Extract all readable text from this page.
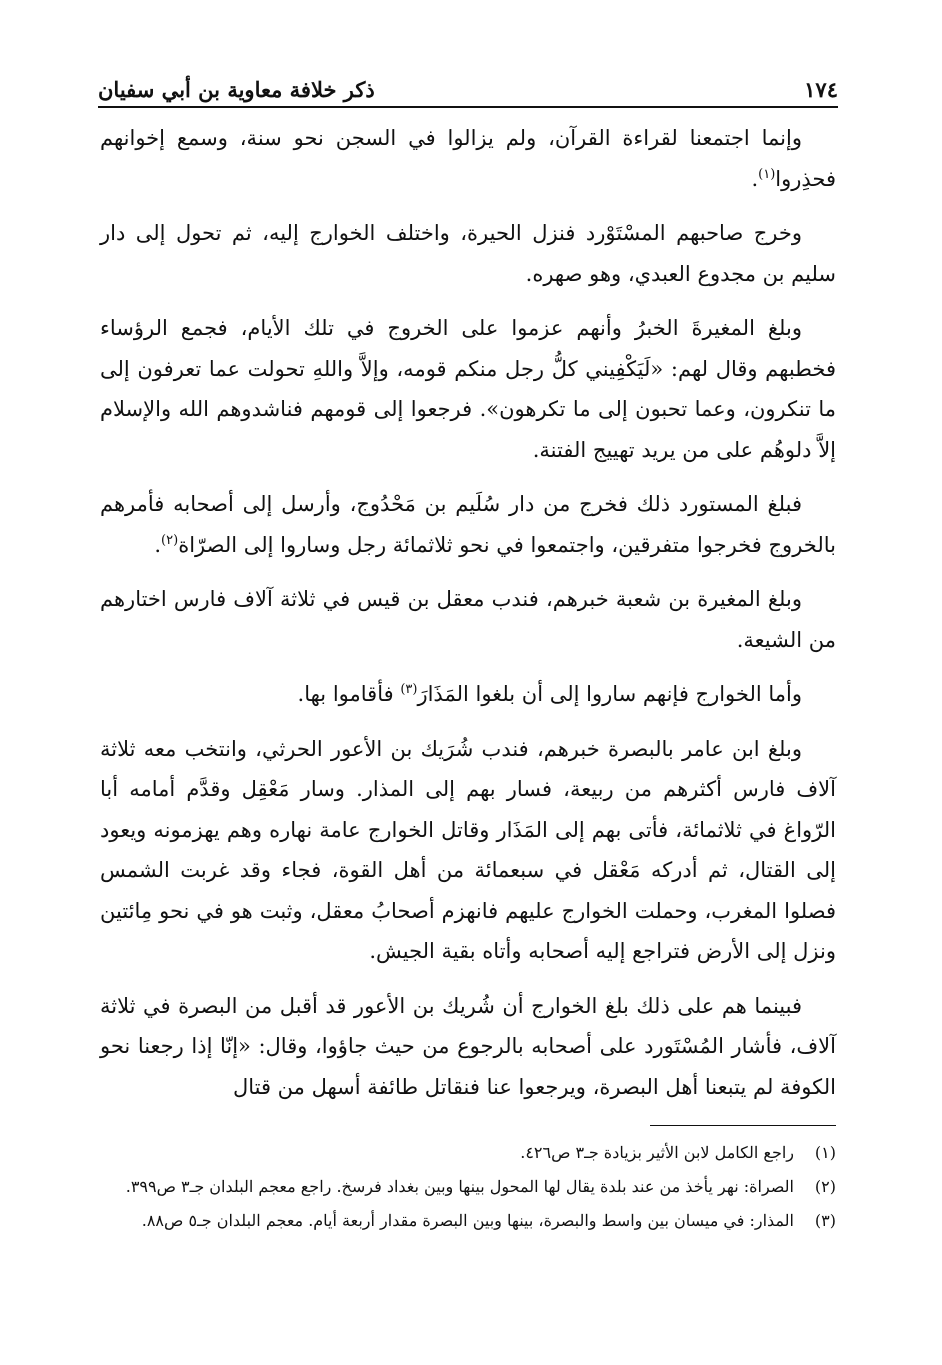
١٧٤
ذكر خلافة معاوية بن أبي سفيان

وإنما اجتمعنا لقراءة القرآن، ولم يزالوا في السجن نحو سنة، وسمع إخوانهم فحذِروا$^{(١)}$.

وخرج صاحبهم المسْتَوْرد فنزل الحيرة، واختلف الخوارج إليه، ثم تحول إلى دار سليم بن مجدوع العبدي، وهو صهره.

وبلغ المغيرةَ الخبرُ وأنهم عزموا على الخروج في تلك الأيام، فجمع الرؤساء فخطبهم وقال لهم: «لَيَكْفِيني كلُّ رجل منكم قومه، وإلاَّ واللهِ تحولت عما تعرفون إلى ما تنكرون، وعما تحبون إلى ما تكرهون». فرجعوا إلى قومهم فناشدوهم الله والإسلام إلاَّ دلوهُم على من يريد تهييج الفتنة.

فبلغ المستورد ذلك فخرج من دار سُلَيم بن مَحْدُوج، وأرسل إلى أصحابه فأمرهم بالخروج فخرجوا متفرقين، واجتمعوا في نحو ثلاثمائة رجل وساروا إلى الصرّاة$^{(٢)}$.

وبلغ المغيرة بن شعبة خبرهم، فندب معقل بن قيس في ثلاثة آلاف فارس اختارهم من الشيعة.

وأما الخوارج فإنهم ساروا إلى أن بلغوا المَذَارَ$^{(٣)}$ فأقاموا بها.

وبلغ ابن عامر بالبصرة خبرهم، فندب شُرَيك بن الأعور الحرثي، وانتخب معه ثلاثة آلاف فارس أكثرهم من ربيعة، فسار بهم إلى المذار. وسار مَعْقِل وقدَّم أمامه أبا الرّواغ في ثلاثمائة، فأتى بهم إلى المَذَار وقاتل الخوارج عامة نهاره وهم يهزمونه ويعود إلى القتال، ثم أدركه مَعْقل في سبعمائة من أهل القوة، فجاء وقد غربت الشمس فصلوا المغرب، وحملت الخوارج عليهم فانهزم أصحابُ معقل، وثبت هو في نحو مِائتين ونزل إلى الأرض فتراجع إليه أصحابه وأتاه بقية الجيش.

فبينما هم على ذلك بلغ الخوارج أن شُريك بن الأعور قد أقبل من البصرة في ثلاثة آلاف، فأشار المُسْتَورد على أصحابه بالرجوع من حيث جاؤوا، وقال: «إنّا إذا رجعنا نحو الكوفة لم يتبعنا أهل البصرة، ويرجعوا عنا فنقاتل طائفة أسهل من قتال

(١)
راجع الكامل لابن الأثير بزيادة جـ٣ ص٤٢٦.
(٢)
الصراة: نهر يأخذ من عند بلدة يقال لها المحول بينها وبين بغداد فرسخ. راجع معجم البلدان جـ٣ ص٣٩٩.
(٣)
المذار: في ميسان بين واسط والبصرة، بينها وبين البصرة مقدار أربعة أيام. معجم البلدان جـ٥ ص٨٨.
